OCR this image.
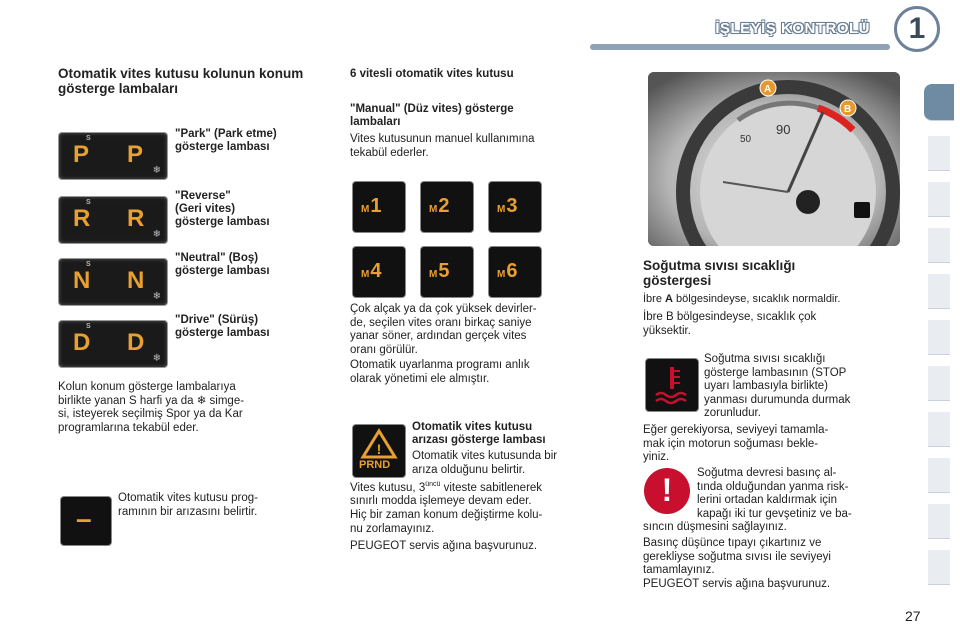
İŞLEYİŞ KONTROLÜ	1
Otomatik vites kutusu kolunun konum gösterge lambaları
P P
S
❄
"Park" (Park etme)
gösterge lambası
R R
S
❄
"Reverse"
(Geri vites)
gösterge lambası
N N
S
❄
"Neutral" (Boş)
gösterge lambası
D D
S
❄
"Drive" (Sürüş)
gösterge lambası
Kolun konum gösterge lambalarıya
birlikte yanan S harfi ya da ❄ simge-
si, isteyerek seçilmiş Spor ya da Kar
programlarına tekabül eder.
–
Otomatik vites kutusu prog-
ramının bir arızasını belirtir.
6 vitesli otomatik vites kutusu
"Manual" (Düz vites) gösterge
lambaları
Vites kutusunun manuel kullanımına
tekabül ederler.
M1	M2	M3
M4	M5	M6
Çok alçak ya da çok yüksek devirler-
de, seçilen vites oranı birkaç saniye
yanar söner, ardından gerçek vites
oranı görülür.
Otomatik uyarlanma programı anlık
olarak yönetimi ele almıştır.
!
PRND
Otomatik vites kutusu
arızası gösterge lambası
Otomatik vites kutusunda bir
arıza olduğunu belirtir.
Vites kutusu, $3^{üncü}$ viteste sabitlenerek
sınırlı modda işlemeye devam eder.
Hiç bir zaman konum değiştirme kolu-
nu zorlamayınız.
PEUGEOT servis ağına başvurunuz.
90
50
A
B
Soğutma sıvısı sıcaklığı
göstergesi
İbre A bölgesindeyse, sıcaklık normaldir.
İbre B bölgesindeyse, sıcaklık çok
yüksektir.
Soğutma sıvısı sıcaklığı
gösterge lambasının (STOP
uyarı lambasıyla birlikte)
yanması durumunda durmak
zorunludur.
Eğer gerekiyorsa, seviyeyi tamamla-
mak için motorun soğuması bekle-
yiniz.
!	Soğutma devresi basınç al-
tında olduğundan yanma risk-
lerini ortadan kaldırmak için
kapağı iki tur gevşetiniz ve ba-
sıncın düşmesini sağlayınız.
Basınç düşünce tıpayı çıkartınız ve
gerekliyse soğutma sıvısı ile seviyeyi
tamamlayınız.
PEUGEOT servis ağına başvurunuz.
27
